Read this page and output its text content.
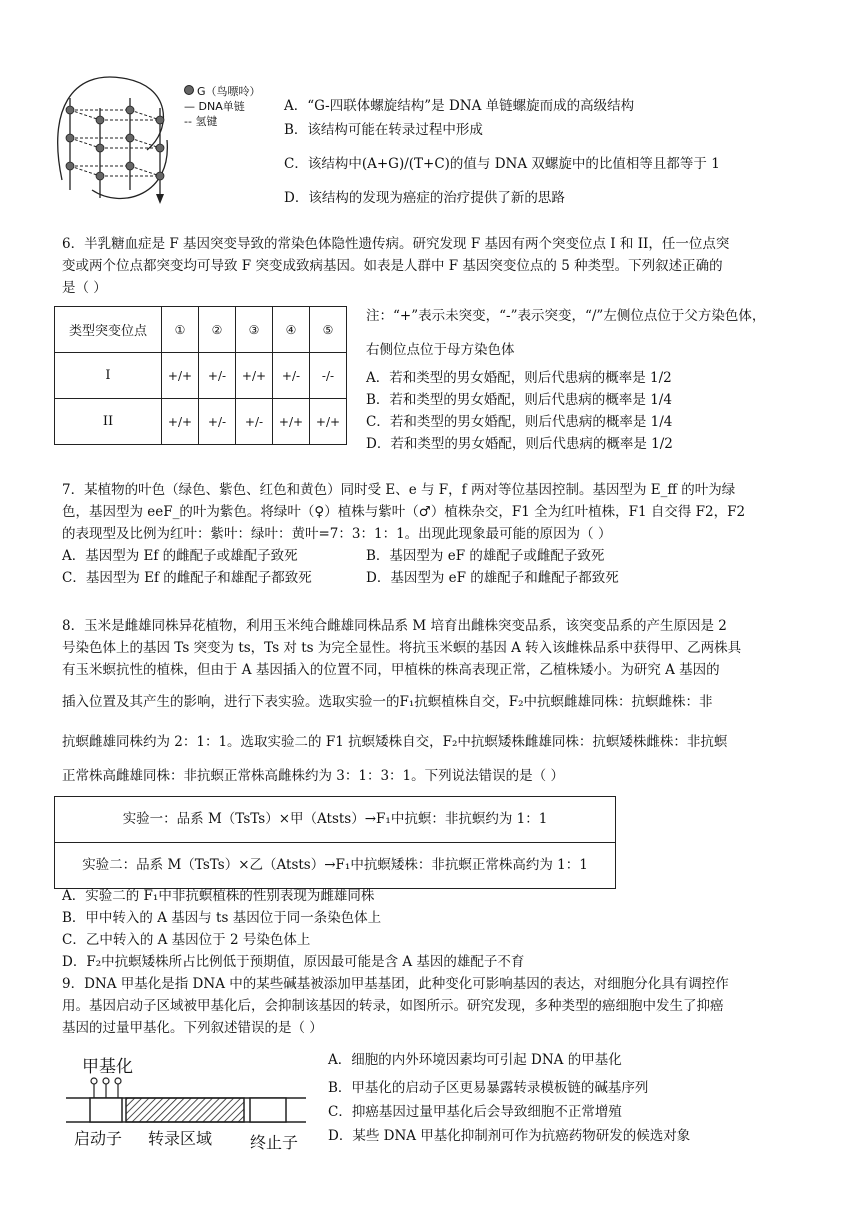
G（鸟嘌呤）
— DNA单链
-- 氢键
A．“G-四联体螺旋结构”是 DNA 单链螺旋而成的高级结构
B．该结构可能在转录过程中形成
C．该结构中(A+G)/(T+C)的值与 DNA 双螺旋中的比值相等且都等于 1
D．该结构的发现为癌症的治疗提供了新的思路
6．半乳糖血症是 F 基因突变导致的常染色体隐性遗传病。研究发现 F 基因有两个突变位点 I 和 II，任一位点突
变或两个位点都突变均可导致 F 突变成致病基因。如表是人群中 F 基因突变位点的 5 种类型。下列叙述正确的
是（ ）
类型突变位点	①	②	③	④	⑤
I	+/+	+/-	+/+	+/-	-/-
II	+/+	+/-	+/-	+/+	+/+
注：“+”表示未突变，“-”表示突变，“/”左侧位点位于父方染色体，
右侧位点位于母方染色体
A．若和类型的男女婚配，则后代患病的概率是 1/2
B．若和类型的男女婚配，则后代患病的概率是 1/4
C．若和类型的男女婚配，则后代患病的概率是 1/4
D．若和类型的男女婚配，则后代患病的概率是 1/2
7．某植物的叶色（绿色、紫色、红色和黄色）同时受 E、e 与 F，f 两对等位基因控制。基因型为 E_ff 的叶为绿
色，基因型为 eeF_的叶为紫色。将绿叶（♀）植株与紫叶（♂）植株杂交，F1 全为红叶植株，F1 自交得 F2，F2
的表现型及比例为红叶：紫叶：绿叶：黄叶=7：3：1：1。出现此现象最可能的原因为（ ）
A．基因型为 Ef 的雌配子或雄配子致死	B．基因型为 eF 的雄配子或雌配子致死
C．基因型为 Ef 的雌配子和雄配子都致死	D．基因型为 eF 的雄配子和雌配子都致死
8．玉米是雌雄同株异花植物，利用玉米纯合雌雄同株品系 M 培育出雌株突变品系，该突变品系的产生原因是 2
号染色体上的基因 Ts 突变为 ts，Ts 对 ts 为完全显性。将抗玉米螟的基因 A 转入该雌株品系中获得甲、乙两株具
有玉米螟抗性的植株，但由于 A 基因插入的位置不同，甲植株的株高表现正常，乙植株矮小。为研究 A 基因的
插入位置及其产生的影响，进行下表实验。选取实验一的F₁抗螟植株自交，F₂中抗螟雌雄同株：抗螟雌株：非
抗螟雌雄同株约为 2：1：1。选取实验二的 F1 抗螟矮株自交，F₂中抗螟矮株雌雄同株：抗螟矮株雌株：非抗螟
正常株高雌雄同株：非抗螟正常株高雌株约为 3：1：3：1。下列说法错误的是（ ）
实验一：品系 M（TsTs）×甲（Atsts）→F₁中抗螟：非抗螟约为 1：1
实验二：品系 M（TsTs）×乙（Atsts）→F₁中抗螟矮株：非抗螟正常株高约为 1：1
A．实验二的 F₁中非抗螟植株的性别表现为雌雄同株
B．甲中转入的 A 基因与 ts 基因位于同一条染色体上
C．乙中转入的 A 基因位于 2 号染色体上
D．F₂中抗螟矮株所占比例低于预期值，原因最可能是含 A 基因的雄配子不育
9．DNA 甲基化是指 DNA 中的某些碱基被添加甲基基团，此种变化可影响基因的表达，对细胞分化具有调控作
用。基因启动子区域被甲基化后，会抑制该基因的转录，如图所示。研究发现，多种类型的癌细胞中发生了抑癌
基因的过量甲基化。下列叙述错误的是（ ）
甲基化
启动子 转录区域 终止子
A．细胞的内外环境因素均可引起 DNA 的甲基化
B．甲基化的启动子区更易暴露转录模板链的碱基序列
C．抑癌基因过量甲基化后会导致细胞不正常增殖
D．某些 DNA 甲基化抑制剂可作为抗癌药物研发的候选对象
